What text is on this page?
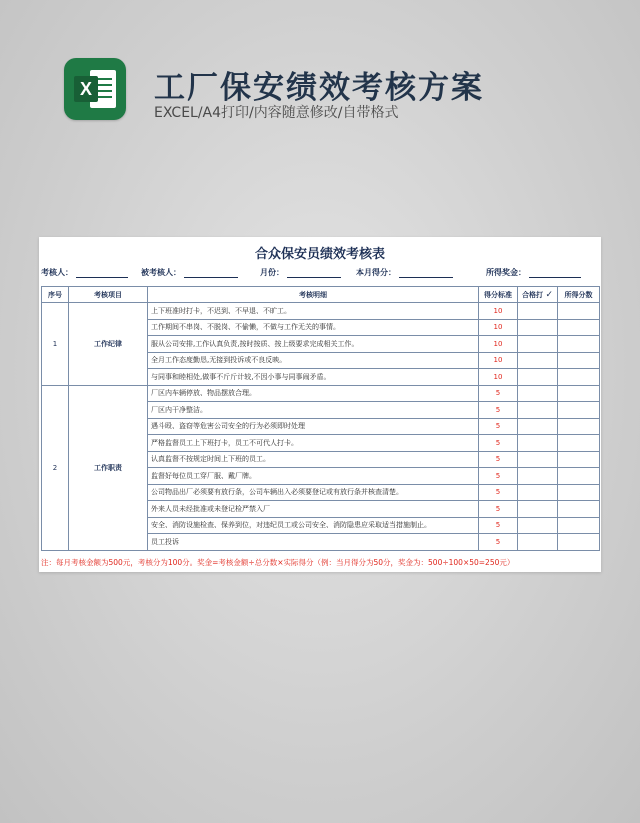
X 工厂保安绩效考核方案
EXCEL/A4打印/内容随意修改/自带格式
合众保安员绩效考核表
考核人：	被考核人：	月份：	本月得分：	所得奖金：
序号	考核项目	考核明细	得分标准	合格打 ✓	所得分数
1	工作纪律	上下班准时打卡，不迟到、不早退、不旷工。	10		
		工作期间不串岗、不脱岗、不偷懒，不做与工作无关的事情。	10		
		服从公司安排,工作认真负责,按时按质、按上级要求完成相关工作。	10		
		全月工作态度勤恳,无接到投诉或不良反映。	10		
		与同事和睦相处,做事不斤斤计较,不因小事与同事闹矛盾。	10		
2	工作职责	厂区内车辆停放、物品摆放合理。	5		
		厂区内干净整洁。	5		
		遇斗殴、盗窃等危害公司安全的行为必须即时处理	5		
		严格监督员工上下班打卡，员工不可代人打卡。	5		
		认真监督不按规定时间上下班的员工。	5		
		监督好每位员工穿厂服、戴厂牌。	5		
		公司物品出厂必须要有放行条，公司车辆出入必须要登记或有放行条并核查清楚。	5		
		外来人员未经批准或未登记检严禁入厂	5		
		安全、消防设施检查、保养到位，对违纪员工或公司安全、消防隐患应采取适当措施制止。	5		
		员工投诉	5		
注：每月考核金额为500元，考核分为100分。奖金=考核金额÷总分数×实际得分（例：当月得分为50分，奖金为：500÷100×50=250元）
